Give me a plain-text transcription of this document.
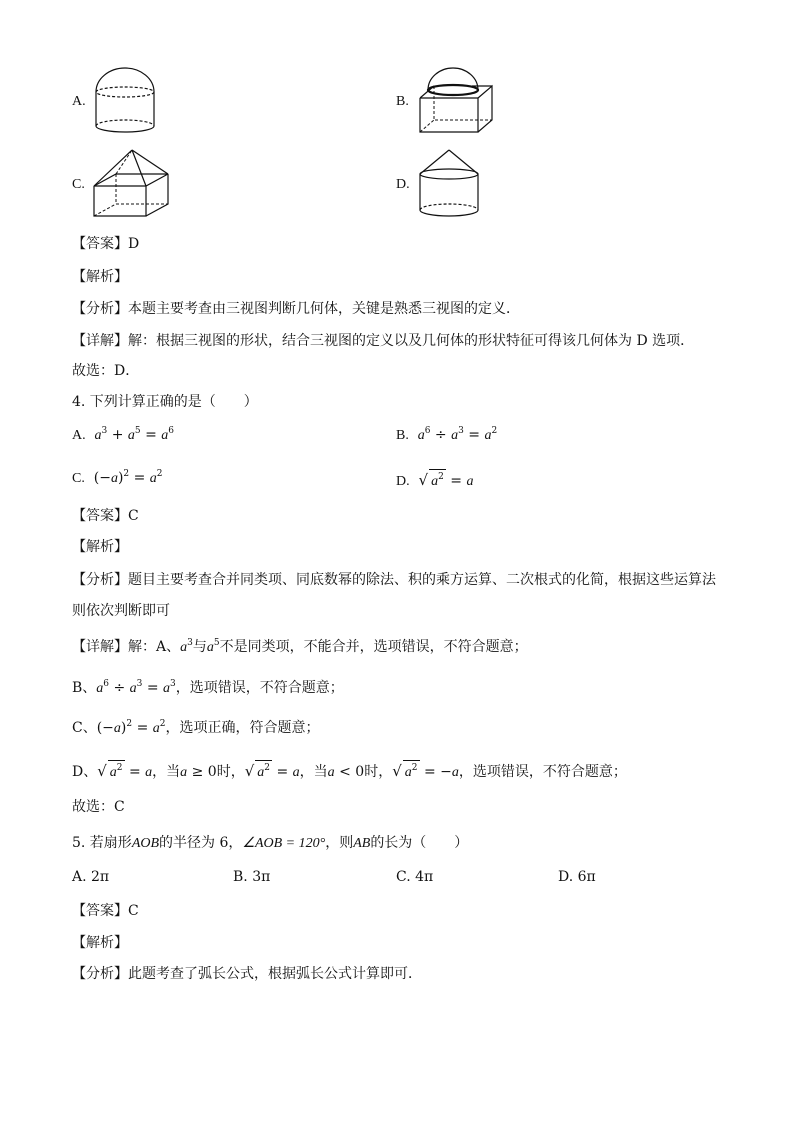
A.	B.
C.	D.
【答案】D
【解析】
【分析】本题主要考查由三视图判断几何体，关键是熟悉三视图的定义．
【详解】解：根据三视图的形状，结合三视图的定义以及几何体的形状特征可得该几何体为 D 选项．
故选：D．
4. 下列计算正确的是（　　）
A. $a^3 + a^5 = a^6$	B. $a^6 \div a^3 = a^2$
C.  $(-a)^2 = a^2$	D. √ $a^2 = a$
【答案】C
【解析】
【分析】题目主要考查合并同类项、同底数幂的除法、积的乘方运算、二次根式的化简，根据这些运算法
则依次判断即可
【详解】解：A、$a^3$与$a^5$不是同类项，不能合并，选项错误，不符合题意；
B、$a^6 \div a^3 = a^3$，选项错误，不符合题意；
C、$(-a)^2 = a^2$，选项正确，符合题意；
D、√ $a^2 = a$，当a ≥ 0时，√ $a^2 = a$，当a < 0时，√ $a^2 = -a$，选项错误，不符合题意；
故选：C
5. 若扇形AOB的半径为 6，∠AOB = 120°，则AB的长为（　　）
A. 2π	B. 3π	C. 4π	D. 6π
【答案】C
【解析】
【分析】此题考查了弧长公式，根据弧长公式计算即可．
